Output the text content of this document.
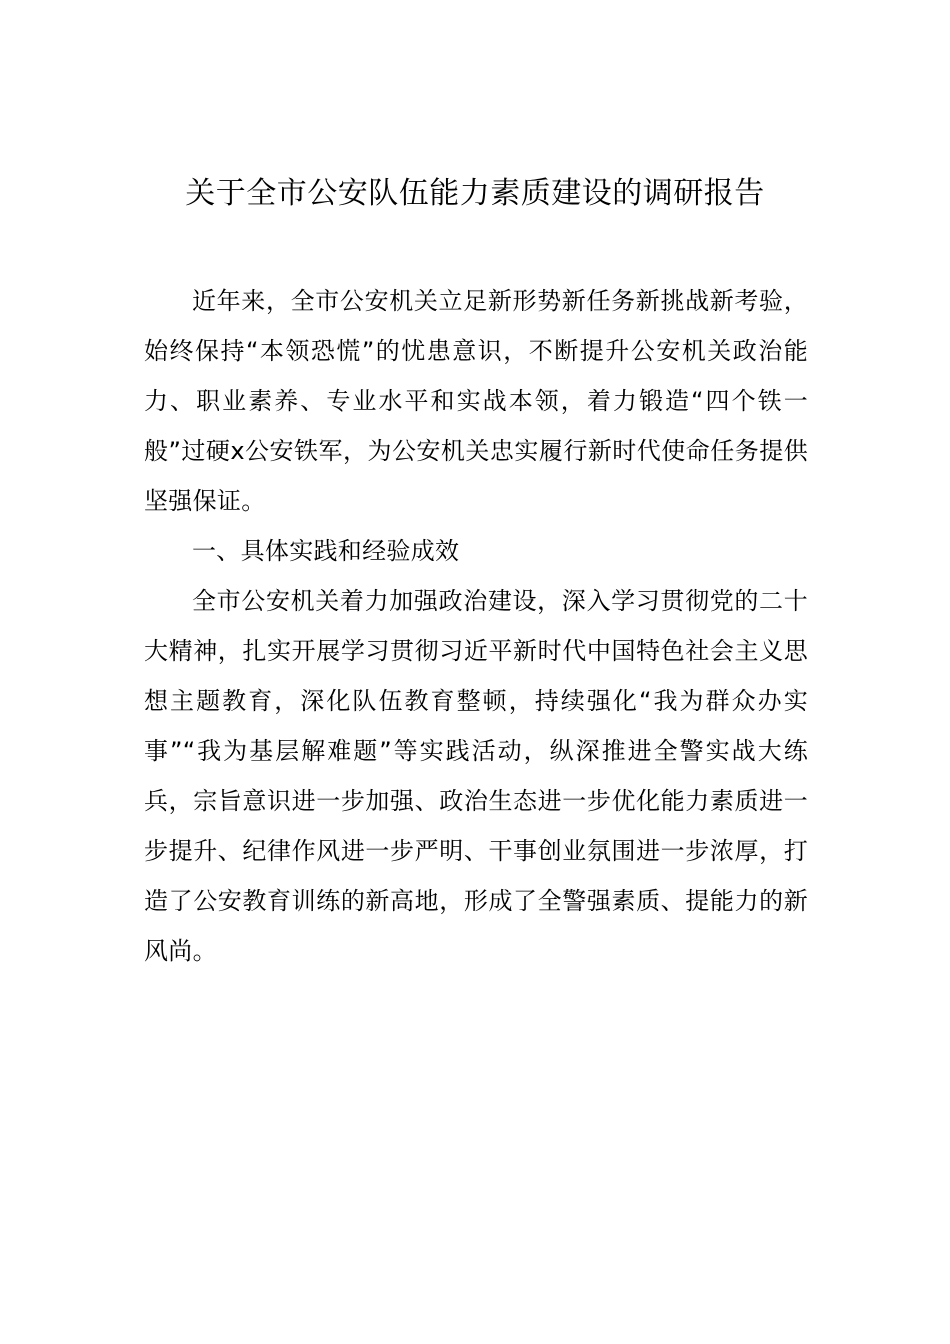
关于全市公安队伍能力素质建设的调研报告

近年来，全市公安机关立足新形势新任务新挑战新考验，始终保持“本领恐慌”的忧患意识，不断提升公安机关政治能力、职业素养、专业水平和实战本领，着力锻造“四个铁一般”过硬x公安铁军，为公安机关忠实履行新时代使命任务提供坚强保证。

一、具体实践和经验成效

全市公安机关着力加强政治建设，深入学习贯彻党的二十大精神，扎实开展学习贯彻习近平新时代中国特色社会主义思想主题教育，深化队伍教育整顿，持续强化“我为群众办实事”“我为基层解难题”等实践活动，纵深推进全警实战大练兵，宗旨意识进一步加强、政治生态进一步优化能力素质进一步提升、纪律作风进一步严明、干事创业氛围进一步浓厚，打造了公安教育训练的新高地，形成了全警强素质、提能力的新风尚。
